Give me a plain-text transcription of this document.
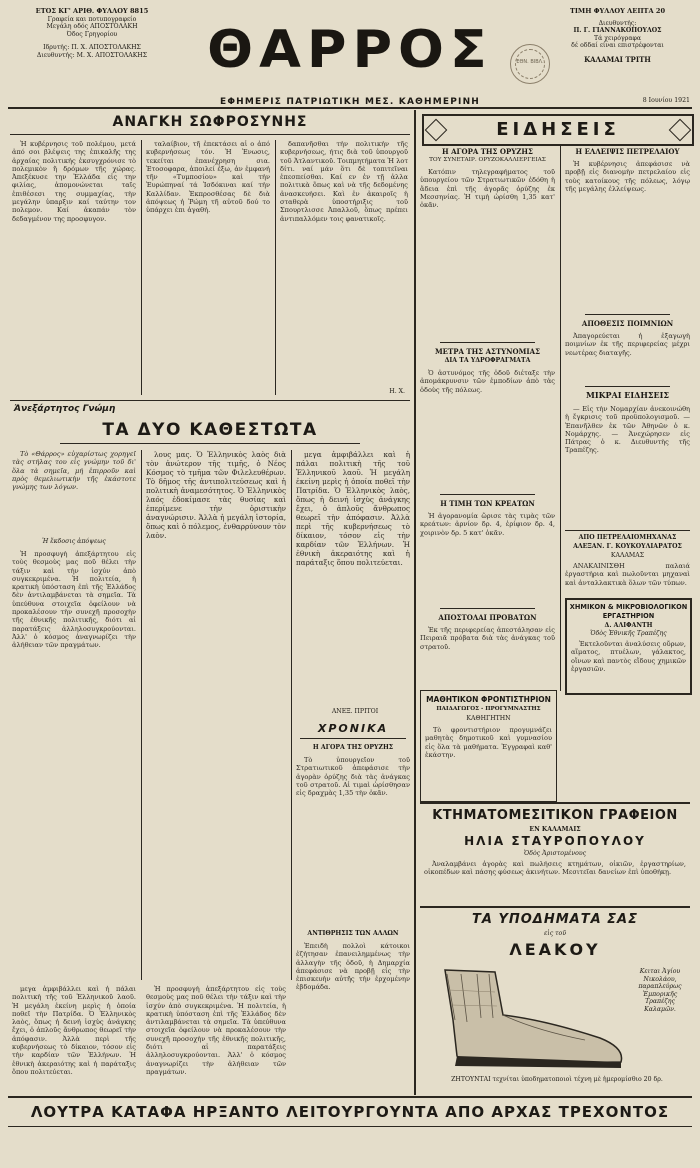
ΕΤΟΣ ΚΓ' ΑΡΙΘ. ΦΥΛΛΟΥ 8815
Γραφεία και ποτυπογραφείο
Μεγάλη οδός ΑΠΟΣΤΟΛΑΚΗ
Όδος Γρηγορίου
Ιδρυτής: Π. Χ. ΑΠΟΣΤΟΛΑΚΗΣ
Διευθυντής: Μ. Χ. ΑΠΟΣΤΟΛΑΚΗΣ	ΘΑΡΡΟΣ	ΕΘΝ. ΒΙΒΛ.
ΤΙΜΗ ΦΥΛΛΟΥ ΛΕΠΤΑ 20
Διευθυντής:
Π. Γ. ΓΙΑΝΝΑΚΟΠΟΥΛΟΣ
Τά χειρόγραφα
δέ οδδαί είναι επιστρέφονται
ΚΑΛΑΜΑΙ ΤΡΙΤΗ
ΕΦΗΜΕΡΙΣ ΠΑΤΡΙΩΤΙΚΗ ΜΕΣ. ΚΑΘΗΜΕΡΙΝΗ	8 Ιουνίου 1921
ΑΝΑΓΚΗ ΣΩΦΡΟΣΥΝΗΣ

Ἡ κυβέρνησις τοῦ πολέμου, μετά ἀπό σοι βλέψεις της ἐπικαλῆς της ἀρχαίας πολιτικής ἐκσυγχρόνισε τὸ πολεμικὸν ἢ δρόμων τῆς χώρας. Ἀπεξέκυσε την Ἑλλάδα εἰς την φιλίας, ἀπομονώνεται ταῖς ἐπιθέσεσι της συμμαχίας, τὴν μεγάλην ὑπαρξιν καί ταύτην τον πολεμον. Καί ἀκαπάν τὸν δεδαγμένον της προσφυγον.

ταλαίβιον, τῆ ἐπεκτάσει αἱ ο ἀπό κυβερνήσεως τόν. Ἡ Ἐνωσις, τεκείται ἐπανέχρηση σια. Ἐτοσοφαρα, ἀποιλεί ἐξω, ἀν ἐμφανή τῆν «Τυμποσίου» καὶ τήν Ἐυρώπηναί τά Ἰσδόκιναι καί τήν Καλλίδαν. Ἐκπροσθέσας δὲ διὰ ἀπόψεως ἡ Ῥώμη τῆ αὐτοῦ δού το ὑπάρχει ἐπι ἀγαθή.

δαπανῆσθαι τήν πολιτικήν τῆς κυβερνήσεως, ήτις διὰ τοῦ ὑπουργοῦ τοῦ Ἀτλαντικοῦ. Τοιπμητήματα Ἡ λοτ δίτι. ναί μάν ὅτι δὲ τοπιτεῖναι ἐπεσπείσθαι. Καί εν ἐν τῇ ἀλλα πολιτικὰ ὅπως καὶ νὰ τῆς δεδομένης ἀνασκευήσει. Καὶ ἐν ἀκαιροῖς ἡ σταθερὰ ὑποστήριξις τοῦ Σπουρτλισσε Ἀπαλλοῦ, ὅπως πρέπει ἀντιπαλλόμεν τοις φανατικοῖς.

Η. Χ.
Ἀνεξάρτητος Γνώμη
ΤΑ ΔΥΟ ΚΑΘΕΣΤΩΤΑ

Τὸ «Θάρρος» εὐχαρίστως χορηγεῖ τὰς στήλας του εἰς γνώμην τοῦ δι' ὅλα τὰ σημεῖα, μή ἐπιρροῦν καὶ πρὸς θεμελιωτικὴν τῆς ἑκάστοτε γνώμης των λόγων.

Ἡ ἔκδοσις ἀπόψεως

Ἡ προσφυγὴ ἀπεξάρτητου εἰς τοὺς θεσμοὺς μας ποῦ θέλει τὴν τάξιν καὶ τὴν ἰσχύν ἀπὸ συγκεκριμένα. Ἡ πολιτεία, ἡ κρατικὴ ὑπόσταση ἐπὶ τῆς Ἑλλάδος δὲν ἀντιλαμβάνεται τὰ σημεῖα. Τὰ ὑπεύθυνα στοιχεῖα ὀφείλουν νὰ προκαλέσουν τὴν συνεχῆ προσοχὴν τῆς ἐθνικῆς πολιτικῆς, διότι αἱ παρατάξεις ἀλληλοσυγκρούονται. Ἀλλ' ὁ κόσμος ἀναγνωρίζει τὴν ἀλήθειαν τῶν πραγμάτων.

λους μας. Ὁ Ἑλληνικὸς λαὸς διὰ τὸν ἀνώτερον τῆς τιμῆς, ὁ Νέος Κόσμος τὸ τμῆμα τῶν Φιλελευθέρων. Τὸ δῆμος τῆς ἀντιπολιτεύσεως καὶ ἡ πολιτικὴ ἀναμεσότητος. Ὁ Ἑλληνικὸς λαός ἐδοκίμασε τὰς θυσίας καὶ ἐπερίμενε τὴν ὁριστικὴν ἀναγνώρισιν. Ἀλλὰ ἡ μεγάλη ἱστορία, ὅπως καὶ ὁ πόλεμος, ἐνθαρρύνουν τὸν λαὸν.

μεγα ἀμφιβάλλει καὶ ἡ πάλαι πολιτικὴ τῆς τοῦ Ἑλληνικοῦ λαοῦ. Ἡ μεγάλη ἐκείνη μερὶς ἡ ὁποία ποθεῖ τὴν Πατρίδα. Ὁ Ἑλληνικὸς λαὸς, ὅπως ἡ δεινή ἰσχὺς ἀνάγκης ἔχει, ὁ ἀπλοῦς ἄνθρωπος θεωρεῖ τὴν ἀπόφασιν. Ἀλλὰ περὶ τῆς κυβερνήσεως τὸ δίκαιον, τόσον εἰς τὴν καρδίαν τῶν Ἑλλήνων. Ἡ ἐθνικὴ ἀκεραιότης καὶ ἡ παράταξις ὅπου πολιτεύεται.

ΑΝΕΞ. ΠΡΙΤΟΙ
ΧΡΟΝΙΚΑ
Η ΑΓΟΡΑ ΤΗΣ ΟΡΥΖΗΣ

Τὸ ὑπουργεῖον τοῦ Στρατιωτικοῦ ἀπεφάσισε τὴν ἀγορὰν ὀρύζης διὰ τὰς ἀνάγκας τοῦ στρατοῦ. Αἱ τιμαὶ ὡρίσθησαν εἰς δραχμὰς 1,35 τὴν ὀκᾶν.

ΑΝΤΙΘΡΗΣΙΣ ΤΩΝ ΑΛΛΩΝ

Ἐπειδὴ πολλοὶ κάτοικοι ἐζήτησαν ἐπανειλημμένως τὴν ἀλλαγὴν τῆς ὁδοῦ, ἡ Δημαρχία ἀπεφάσισε νὰ προβῇ εἰς τὴν ἐπισκευὴν αὐτῆς τὴν ἐρχομένην ἑβδομάδα.

Ἡ προσφυγὴ ἀπεξάρτητου εἰς τοὺς θεσμοὺς μας ποῦ θέλει τὴν τάξιν καὶ τὴν ἰσχύν ἀπὸ συγκεκριμένα. Ἡ πολιτεία, ἡ κρατικὴ ὑπόσταση ἐπὶ τῆς Ἑλλάδος δὲν ἀντιλαμβάνεται τὰ σημεῖα. Τὰ ὑπεύθυνα στοιχεῖα ὀφείλουν νὰ προκαλέσουν τὴν συνεχῆ προσοχὴν τῆς ἐθνικῆς πολιτικῆς, διότι αἱ παρατάξεις ἀλληλοσυγκρούονται. Ἀλλ' ὁ κόσμος ἀναγνωρίζει τὴν ἀλήθειαν τῶν πραγμάτων.

μεγα ἀμφιβάλλει καὶ ἡ πάλαι πολιτικὴ τῆς τοῦ Ἑλληνικοῦ λαοῦ. Ἡ μεγάλη ἐκείνη μερὶς ἡ ὁποία ποθεῖ τὴν Πατρίδα. Ὁ Ἑλληνικὸς λαὸς, ὅπως ἡ δεινή ἰσχὺς ἀνάγκης ἔχει, ὁ ἀπλοῦς ἄνθρωπος θεωρεῖ τὴν ἀπόφασιν. Ἀλλὰ περὶ τῆς κυβερνήσεως τὸ δίκαιον, τόσον εἰς τὴν καρδίαν τῶν Ἑλλήνων. Ἡ ἐθνικὴ ἀκεραιότης καὶ ἡ παράταξις ὅπου πολιτεύεται.

ΕΙΔΗΣΕΙΣ
Η ΑΓΟΡΑ ΤΗΣ ΟΡΥΖΗΣ
ΤΟΥ ΣΥΝΕΤΑΙΡ. ΟΡΥΖΟΚΑΛΛΙΕΡΓΕΙΑΣ

Κατόπιν τηλεγραφήματος τοῦ ὑπουργείου τῶν Στρατιωτικῶν ἐδόθη ἡ ἄδεια ἐπὶ τῆς ἀγορᾶς ὀρύζης ἐκ Μεσσηνίας. Ἡ τιμὴ ὡρίσθη 1,35 κατ' ὀκᾶν.

ΜΕΤΡΑ ΤΗΣ ΑΣΤΥΝΟΜΙΑΣ
ΔΙΑ ΤΑ ΥΔΡΟΦΡΑΓΜΑΤΑ

Ὁ ἀστυνόμος τῆς ὁδοῦ διέταξε τὴν ἀπομάκρυνσιν τῶν ἐμποδίων ἀπὸ τὰς ὁδοὺς τῆς πόλεως.

Η ΤΙΜΗ ΤΩΝ ΚΡΕΑΤΩΝ

Ἡ ἀγορανομία ὥρισε τὰς τιμὰς τῶν κρεάτων: ἀρνίον δρ. 4, ἐρίφιον δρ. 4, χοιρινὸν δρ. 5 κατ' ὀκᾶν.

ΑΠΟΣΤΟΛΑΙ ΠΡΟΒΑΤΩΝ

Ἐκ τῆς περιφερείας ἀπεστάλησαν εἰς Πειραιᾶ πρόβατα διὰ τὰς ἀνάγκας τοῦ στρατοῦ.

Η ΕΛΛΕΙΨΙΣ ΠΕΤΡΕΛΑΙΟΥ

Ἡ κυβέρνησις ἀπεφάσισε νὰ προβῇ εἰς διανομὴν πετρελαίου εἰς τοὺς κατοίκους τῆς πόλεως, λόγῳ τῆς μεγάλης ἐλλείψεως.

ΑΠΟΘΕΣΙΣ ΠΟΙΜΝΙΩΝ

Ἀπαγορεύεται ἡ ἐξαγωγὴ ποιμνίων ἐκ τῆς περιφερείας μέχρι νεωτέρας διαταγῆς.

ΜΙΚΡΑΙ ΕΙΔΗΣΕΙΣ

— Εἰς τὴν Νομαρχίαν ἀνεκοινώθη ἡ ἔγκρισις τοῦ προϋπολογισμοῦ. — Ἐπανῆλθεν ἐκ τῶν Ἀθηνῶν ὁ κ. Νομάρχης. — Ἀνεχώρησεν εἰς Πάτρας ὁ κ. Διευθυντὴς τῆς Τραπέζης.

ΑΠΟ ΠΕΤΡΕΛΑΙΟΜΗΧΑΝΑΣ
ΑΛΕΞΑΝ. Γ. ΚΟΥΚΟΥΛΙΑΡΑΤΟΣ
ΚΑΛΑΜΑΣ

ΑΝΑΚΑΙΝΙΣΘΗ παλαιά ἐργαστήρια καὶ πωλοῦνται μηχαναὶ καὶ ἀνταλλακτικὰ ὅλων τῶν τύπων.

ΧΗΜΙΚΟΝ & ΜΙΚΡΟΒΙΟΛΟΓΙΚΟΝ
ΕΡΓΑΣΤΗΡΙΟΝ
Δ. ΑΛΙΦΑΝΤΗ
Ὁδὸς Ἐθνικῆς Τραπέζης

Ἐκτελοῦνται ἀναλύσεις οὔρων, αἵματος, πτυέλων, γάλακτος, οἴνων καὶ παντὸς εἴδους χημικῶν ἐργασιῶν.

ΜΑΘΗΤΙΚΟΝ ΦΡΟΝΤΙΣΤΗΡΙΟΝ
ΠΑΙΔΑΓΩΓΟΣ - ΠΡΟΓΥΜΝΑΣΤΗΣ
ΚΑΘΗΓΗΤΗΝ

Τὸ φροντιστήριον προγυμνάζει μαθητὰς δημοτικοῦ καὶ γυμνασίου εἰς ὅλα τὰ μαθήματα. Ἐγγραφαὶ καθ' ἑκάστην.

ΚΤΗΜΑΤΟΜΕΣΙΤΙΚΟΝ ΓΡΑΦΕΙΟΝ
ΕΝ ΚΑΛΑΜΑΙΣ
ΗΛΙΑ ΣΤΑΥΡΟΠΟΥΛΟΥ
Ὁδὸς Ἀριστομένους

Ἀναλαμβάνει ἀγορὰς καὶ πωλήσεις κτημάτων, οἰκιῶν, ἐργαστηρίων, οἰκοπέδων καὶ πάσης φύσεως ἀκινήτων. Μεσιτεῖαι δανείων ἐπὶ ὑποθήκῃ.

ΤΑ ΥΠΟΔΗΜΑΤΑ ΣΑΣ
εἰς τοῦ
ΛΕΑΚΟΥ
Κειται Ἁγίου Νικολάου, παραπλεύρως Ἐμπορικῆς Τραπέζης Καλαμῶν.
ΖΗΤΟΥΝΤΑΙ τεχνίται ὑποδηματοποιοὶ τέχνη μὲ ἡμερομίσθιο 20 δρ.
ΛΟΥΤΡΑ ΚΑΤΑΦΑ ΗΡΞΑΝΤΟ ΛΕΙΤΟΥΡΓΟΥΝΤΑ ΑΠΟ ΑΡΧΑΣ ΤΡΕΧΟΝΤΟΣ
